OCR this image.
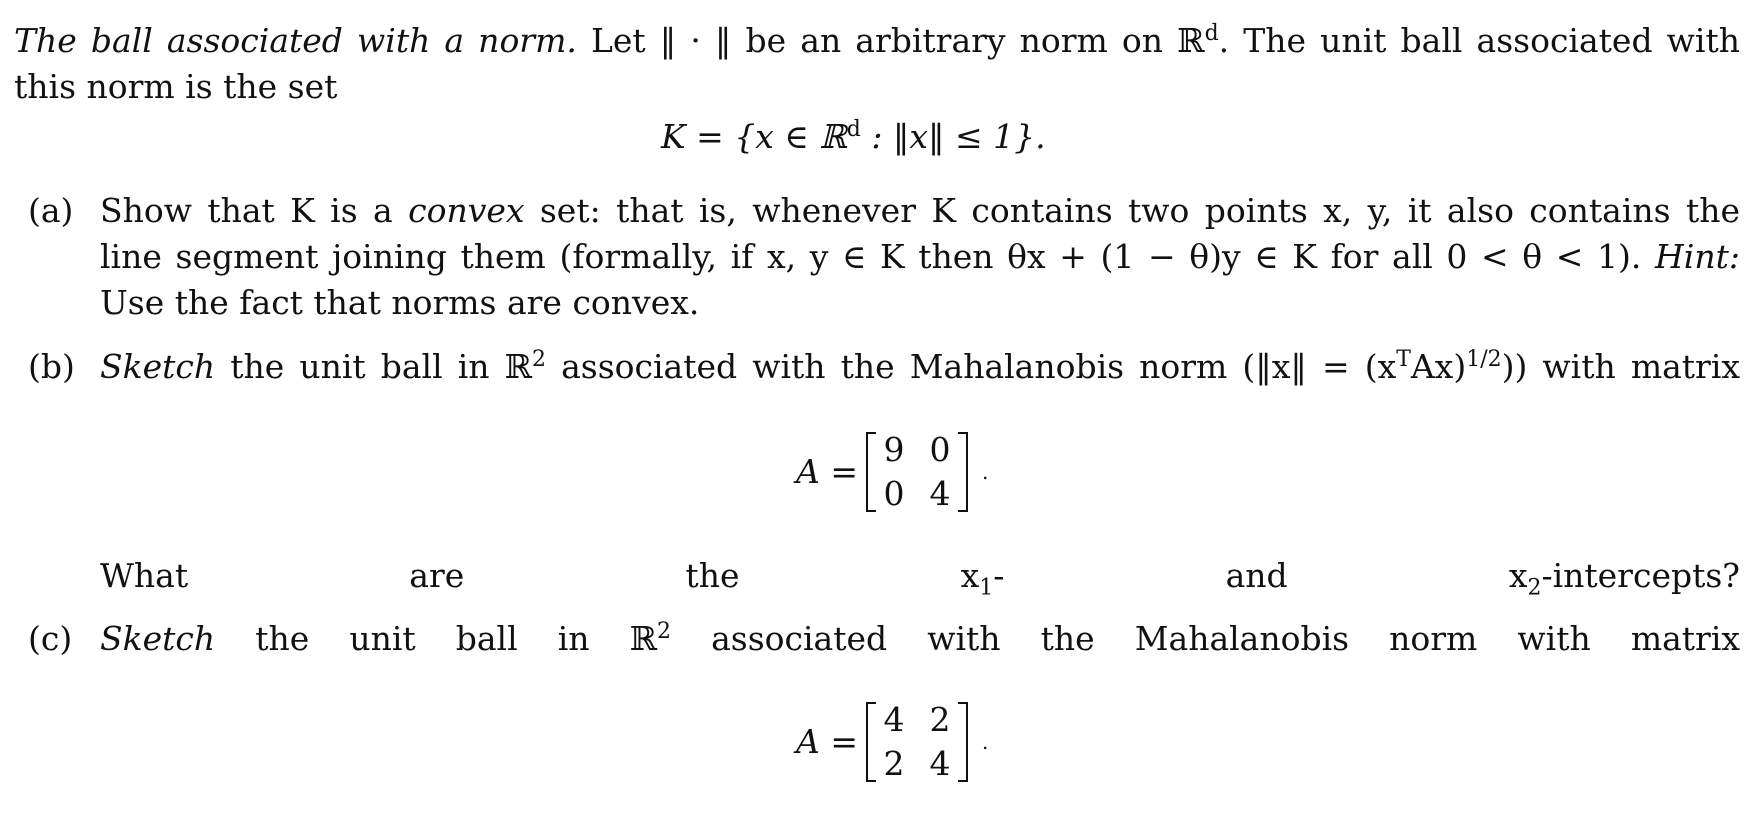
The ball associated with a norm. Let ‖ · ‖ be an arbitrary norm on ℝ$^d$. The unit ball associated with
this norm is the set
K = {x ∈ ℝ$^d$ : ‖x‖ ≤ 1}.
(a) Show that K is a convex set: that is, whenever K contains two points x, y, it also contains the
line segment joining them (formally, if x, y ∈ K then θx + (1 − θ)y ∈ K for all 0 < θ < 1). Hint:
Use the fact that norms are convex.
(b) Sketch the unit ball in ℝ$^2$ associated with the Mahalanobis norm (‖x‖ = $(x^TAx)^{1/2}$)) with matrix
A =
9 0
0 4
.
What are the $x_1-$ and $x_2$-intercepts?
(c) Sketch the unit ball in ℝ$^2$ associated with the Mahalanobis norm with matrix
A =
4 2
2 4
.
